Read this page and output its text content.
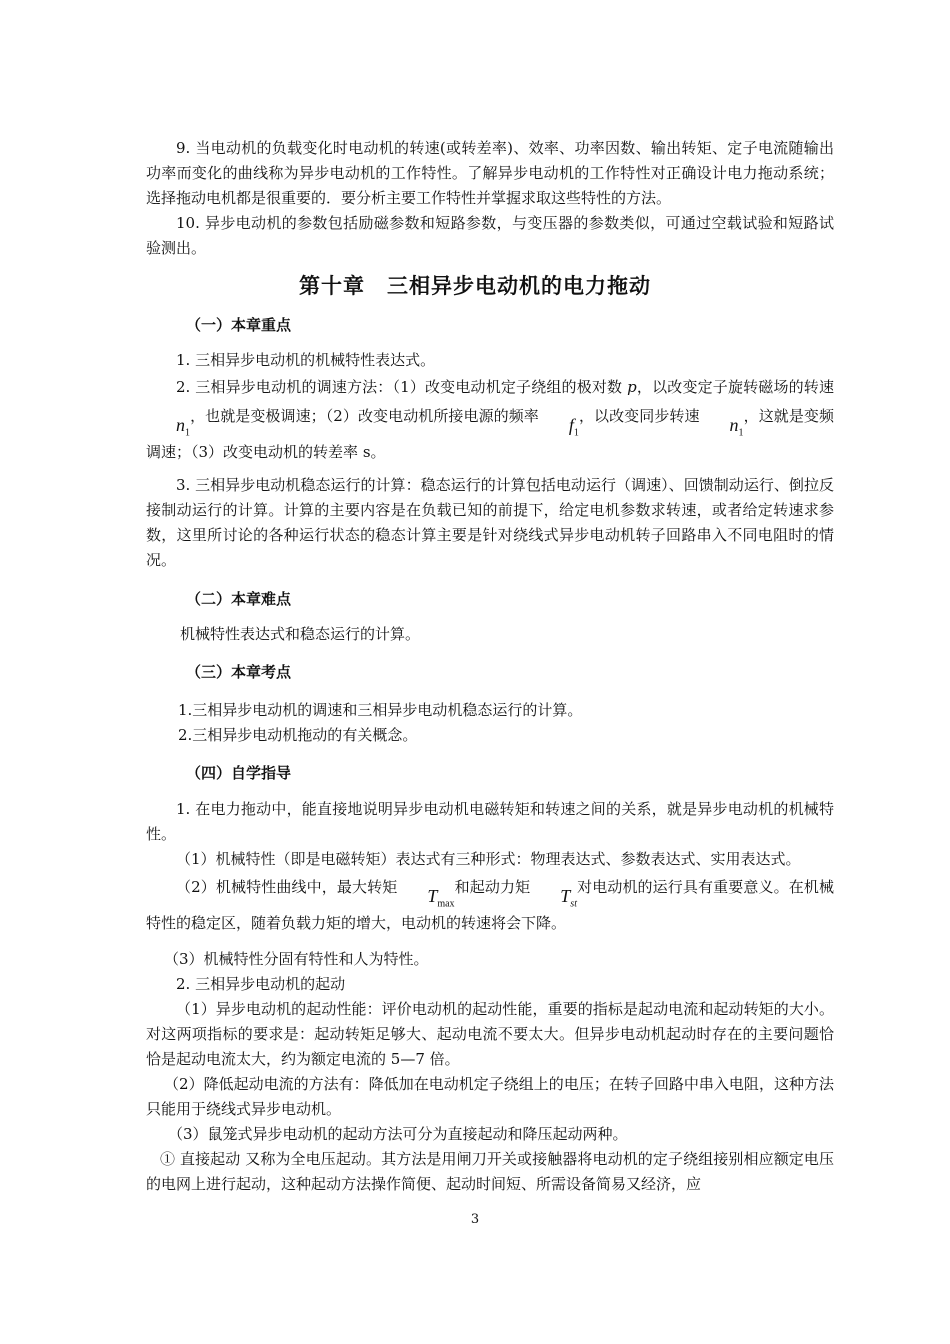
9. 当电动机的负载变化时电动机的转速(或转差率)、效率、功率因数、输出转矩、定子电流随输出功率而变化的曲线称为异步电动机的工作特性。了解异步电动机的工作特性对正确设计电力拖动系统；选择拖动电机都是很重要的．要分析主要工作特性并掌握求取这些特性的方法。
10. 异步电动机的参数包括励磁参数和短路参数，与变压器的参数类似，可通过空载试验和短路试验测出。
第十章　三相异步电动机的电力拖动
（一）本章重点
1. 三相异步电动机的机械特性表达式。
2. 三相异步电动机的调速方法：（1）改变电动机定子绕组的极对数 p，以改变定子旋转磁场的转速$n_1$，也就是变极调速；（2）改变电动机所接电源的频率 $f_1$，以改变同步转速 $n_1$，这就是变频调速；（3）改变电动机的转差率 s。
3. 三相异步电动机稳态运行的计算：稳态运行的计算包括电动运行（调速）、回馈制动运行、倒拉反接制动运行的计算。计算的主要内容是在负载已知的前提下，给定电机参数求转速，或者给定转速求参数，这里所讨论的各种运行状态的稳态计算主要是针对绕线式异步电动机转子回路串入不同电阻时的情况。
（二）本章难点
机械特性表达式和稳态运行的计算。
（三）本章考点
1.三相异步电动机的调速和三相异步电动机稳态运行的计算。
2.三相异步电动机拖动的有关概念。
（四）自学指导
1. 在电力拖动中，能直接地说明异步电动机电磁转矩和转速之间的关系，就是异步电动机的机械特性。
（1）机械特性（即是电磁转矩）表达式有三种形式：物理表达式、参数表达式、实用表达式。
（2）机械特性曲线中，最大转矩 $T_{max}$和起动力矩 $T_{st}$对电动机的运行具有重要意义。在机械特性的稳定区，随着负载力矩的增大，电动机的转速将会下降。
（3）机械特性分固有特性和人为特性。
2. 三相异步电动机的起动
（1）异步电动机的起动性能：评价电动机的起动性能，重要的指标是起动电流和起动转矩的大小。对这两项指标的要求是：起动转矩足够大、起动电流不要太大。但异步电动机起动时存在的主要问题恰恰是起动电流太大，约为额定电流的 5—7 倍。
（2）降低起动电流的方法有：降低加在电动机定子绕组上的电压；在转子回路中串入电阻，这种方法只能用于绕线式异步电动机。
（3）鼠笼式异步电动机的起动方法可分为直接起动和降压起动两种。
① 直接起动 又称为全电压起动。其方法是用闸刀开关或接触器将电动机的定子绕组接别相应额定电压的电网上进行起动，这种起动方法操作简便、起动时间短、所需设备简易又经济，应
3
